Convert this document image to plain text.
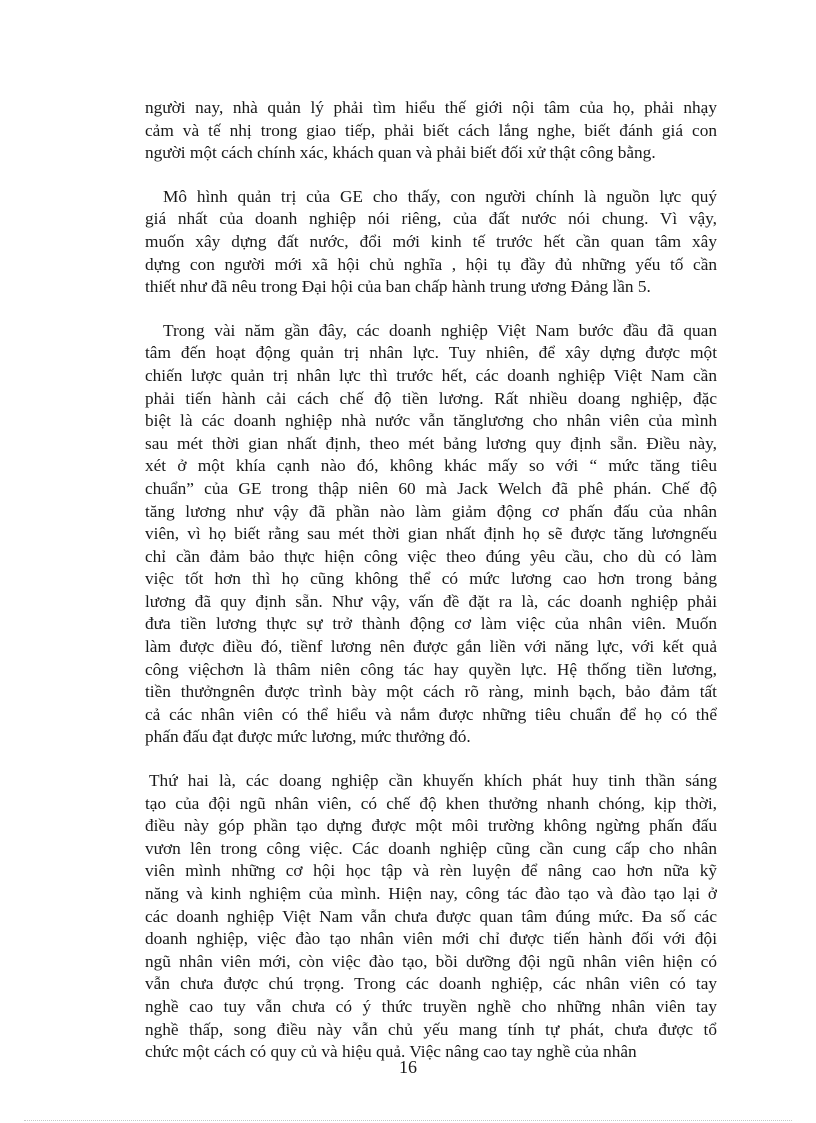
người nay, nhà quản lý phải tìm hiểu thế giới nội tâm của họ, phải nhạy
cảm và tế nhị trong giao tiếp, phải biết cách lắng nghe, biết đánh giá con
người một cách chính xác, khách quan và phải biết đối xử thật công bằng.
Mô hình quản trị của GE cho thấy, con người chính là nguồn lực quý
giá nhất của doanh nghiệp nói riêng, của đất nước nói chung. Vì vậy,
muốn xây dựng đất nước, đổi mới kinh tế trước hết cần quan tâm xây
dựng con người mới xã hội chủ nghĩa , hội tụ đầy đủ những yếu tố cần
thiết như đã nêu trong Đại hội của ban chấp hành trung ương Đảng lần 5.
Trong vài năm gần đây, các doanh nghiệp Việt Nam bước đầu đã quan
tâm đến hoạt động quản trị nhân lực. Tuy nhiên, để xây dựng được một
chiến lược quản trị nhân lực thì trước hết, các doanh nghiệp Việt Nam cần
phải tiến hành cải cách chế độ tiền lương. Rất nhiều doang nghiệp, đặc
biệt là các doanh nghiệp nhà nước vẫn tănglương cho nhân viên của mình
sau mét thời gian nhất định, theo mét bảng lương quy định sẵn. Điều này,
xét ở một khía cạnh nào đó, không khác mấy so với “ mức tăng tiêu
chuẩn” của GE trong thập niên 60 mà Jack Welch đã phê phán. Chế độ
tăng lương như vậy đã phần nào làm giảm động cơ phấn đấu của nhân
viên, vì họ biết rằng sau mét thời gian nhất định họ sẽ được tăng lươngnếu
chỉ cần đảm bảo thực hiện công việc theo đúng yêu cầu, cho dù có làm
việc tốt hơn thì họ cũng không thể có mức lương cao hơn trong bảng
lương đã quy định sẵn. Như vậy, vấn đề đặt ra là, các doanh nghiệp phải
đưa tiền lương thực sự trở thành động cơ làm việc của nhân viên. Muốn
làm được điều đó, tiềnf lương nên được gắn liền với năng lực, với kết quả
công việchơn là thâm niên công tác hay quyền lực. Hệ thống tiền lương,
tiền thưởngnên được trình bày một cách rõ ràng, minh bạch, bảo đảm tất
cả các nhân viên có thể hiểu và nắm được những tiêu chuẩn để họ có thể
phấn đấu đạt được mức lương, mức thưởng đó.
Thứ hai là, các doang nghiệp cần khuyến khích phát huy tinh thần sáng
tạo của đội ngũ nhân viên, có chế độ khen thưởng nhanh chóng, kịp thời,
điều này góp phần tạo dựng được một môi trường không ngừng phấn đấu
vươn lên trong công việc. Các doanh nghiệp cũng cần cung cấp cho nhân
viên mình những cơ hội học tập và rèn luyện để nâng cao hơn nữa kỹ
năng và kinh nghiệm của mình. Hiện nay, công tác đào tạo và đào tạo lại ở
các doanh nghiệp Việt Nam vẫn chưa được quan tâm đúng mức. Đa số các
doanh nghiệp, việc đào tạo nhân viên mới chỉ được tiến hành đối với đội
ngũ nhân viên mới, còn việc đào tạo, bồi dưỡng đội ngũ nhân viên hiện có
vẫn chưa được chú trọng. Trong các doanh nghiệp, các nhân viên có tay
nghề cao tuy vẫn chưa có ý thức truyền nghề cho những nhân viên tay
nghề thấp, song điều này vẫn chủ yếu mang tính tự phát, chưa được tổ
chức một cách có quy củ và hiệu quả. Việc nâng cao tay nghề của nhân
16
